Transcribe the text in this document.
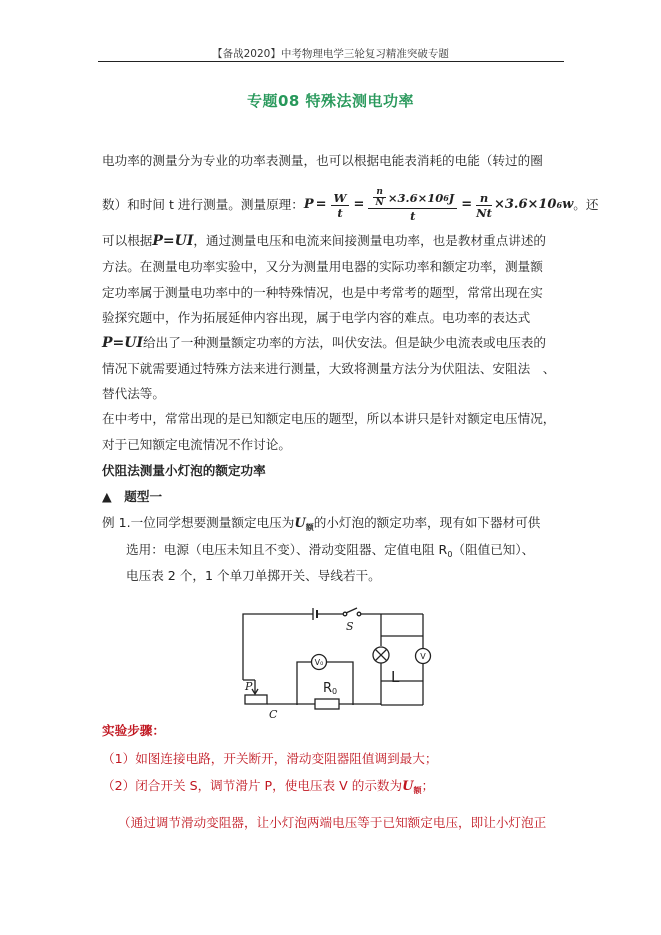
【备战2020】中考物理电学三轮复习精准突破专题
专题08 特殊法测电功率
电功率的测量分为专业的功率表测量，也可以根据电能表消耗的电能（转过的圈
数）和时间 t 进行测量。测量原理： $P = \frac{W}{t} = \frac{\frac{n}{N} \times 3.6\times 10 6 J}{t} = \frac{n}{Nt} \times 3.6\times 10$ 6 w 。还
可以根据P=UI，通过测量电压和电流来间接测量电功率，也是教材重点讲述的
方法。在测量电功率实验中，又分为测量用电器的实际功率和额定功率，测量额
定功率属于测量电功率中的一种特殊情况，也是中考常考的题型，常常出现在实
验探究题中，作为拓展延伸内容出现，属于电学内容的难点。电功率的表达式
P=UI给出了一种测量额定功率的方法，叫伏安法。但是缺少电流表或电压表的
情况下就需要通过特殊方法来进行测量，大致将测量方法分为伏阻法、安阻法　、
替代法等。
在中考中，常常出现的是已知额定电压的题型，所以本讲只是针对额定电压情况，
对于已知额定电流情况不作讨论。
伏阻法测量小灯泡的额定功率
▲　题型一
例 1.一位同学想要测量额定电压为$U_额$的小灯泡的额定功率，现有如下器材可供
选用：电源（电压未知且不变）、滑动变阻器、定值电阻 $R_0$（阻值已知）、
电压表 2 个，1 个单刀单掷开关、导线若干。
S
P
C
V₀
V
R0
L
实验步骤：
（1）如图连接电路，开关断开，滑动变阻器阻值调到最大；
（2）闭合开关 S，调节滑片 P，使电压表 V 的示数为$U_额$；
（通过调节滑动变阻器，让小灯泡两端电压等于已知额定电压，即让小灯泡正
